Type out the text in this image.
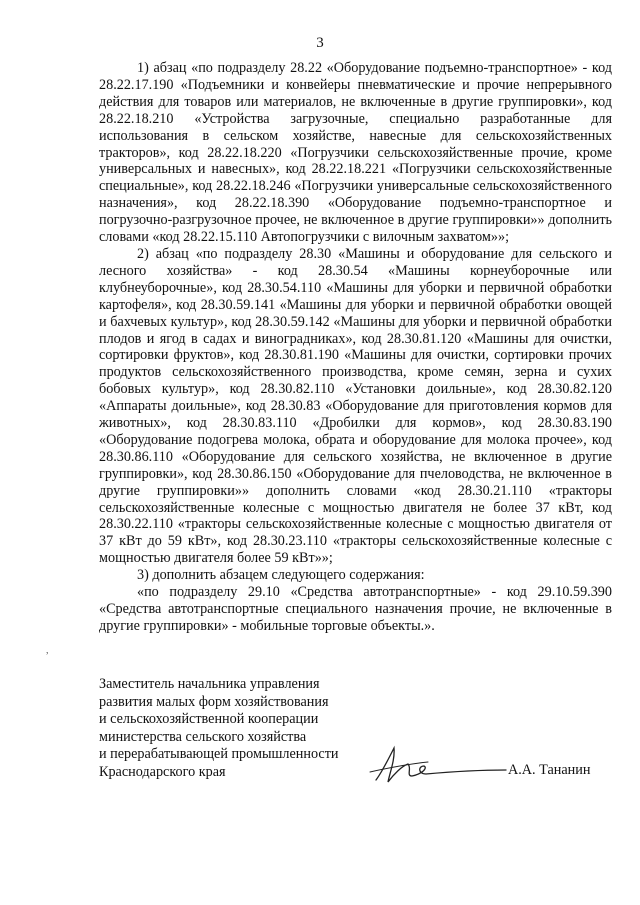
3

1) абзац «по подразделу 28.22 «Оборудование подъемно-транспортное» - код 28.22.17.190 «Подъемники и конвейеры пневматические и прочие непрерывного действия для товаров или материалов, не включенные в другие группировки», код 28.22.18.210 «Устройства загрузочные, специально разработанные для использования в сельском хозяйстве, навесные для сельскохозяйственных тракторов», код 28.22.18.220 «Погрузчики сельскохозяйственные прочие, кроме универсальных и навесных», код 28.22.18.221 «Погрузчики сельскохозяйственные специальные», код 28.22.18.246 «Погрузчики универсальные сельскохозяйственного назначения», код 28.22.18.390 «Оборудование подъемно-транспортное и погрузочно-разгрузочное прочее, не включенное в другие группировки»» дополнить словами «код 28.22.15.110 Автопогрузчики с вилочным захватом»»;

2) абзац «по подразделу 28.30 «Машины и оборудование для сельского и лесного хозяйства» - код 28.30.54 «Машины корнеуборочные или клубнеуборочные», код 28.30.54.110 «Машины для уборки и первичной обработки картофеля», код 28.30.59.141 «Машины для уборки и первичной обработки овощей и бахчевых культур», код 28.30.59.142 «Машины для уборки и первичной обработки плодов и ягод в садах и виноградниках», код 28.30.81.120 «Машины для очистки, сортировки фруктов», код 28.30.81.190 «Машины для очистки, сортировки прочих продуктов сельскохозяйственного производства, кроме семян, зерна и сухих бобовых культур», код 28.30.82.110 «Установки доильные», код 28.30.82.120 «Аппараты доильные», код 28.30.83 «Оборудование для приготовления кормов для животных», код 28.30.83.110 «Дробилки для кормов», код 28.30.83.190 «Оборудование подогрева молока, обрата и оборудование для молока прочее», код 28.30.86.110 «Оборудование для сельского хозяйства, не включенное в другие группировки», код 28.30.86.150 «Оборудование для пчеловодства, не включенное в другие группировки»» дополнить словами «код 28.30.21.110 «тракторы сельскохозяйственные колесные с мощностью двигателя не более 37 кВт, код 28.30.22.110 «тракторы сельскохозяйственные колесные с мощностью двигателя от 37 кВт до 59 кВт», код 28.30.23.110 «тракторы сельскохозяйственные колесные с мощностью двигателя более 59 кВт»»;

3) дополнить абзацем следующего содержания:

«по подразделу 29.10 «Средства автотранспортные» - код 29.10.59.390 «Средства автотранспортные специального назначения прочие, не включенные в другие группировки» - мобильные торговые объекты.».

,
Заместитель начальника управления
развития малых форм хозяйствования
и сельскохозяйственной кооперации
министерства сельского хозяйства
и перерабатывающей промышленности
Краснодарского края	А.А. Тананин
